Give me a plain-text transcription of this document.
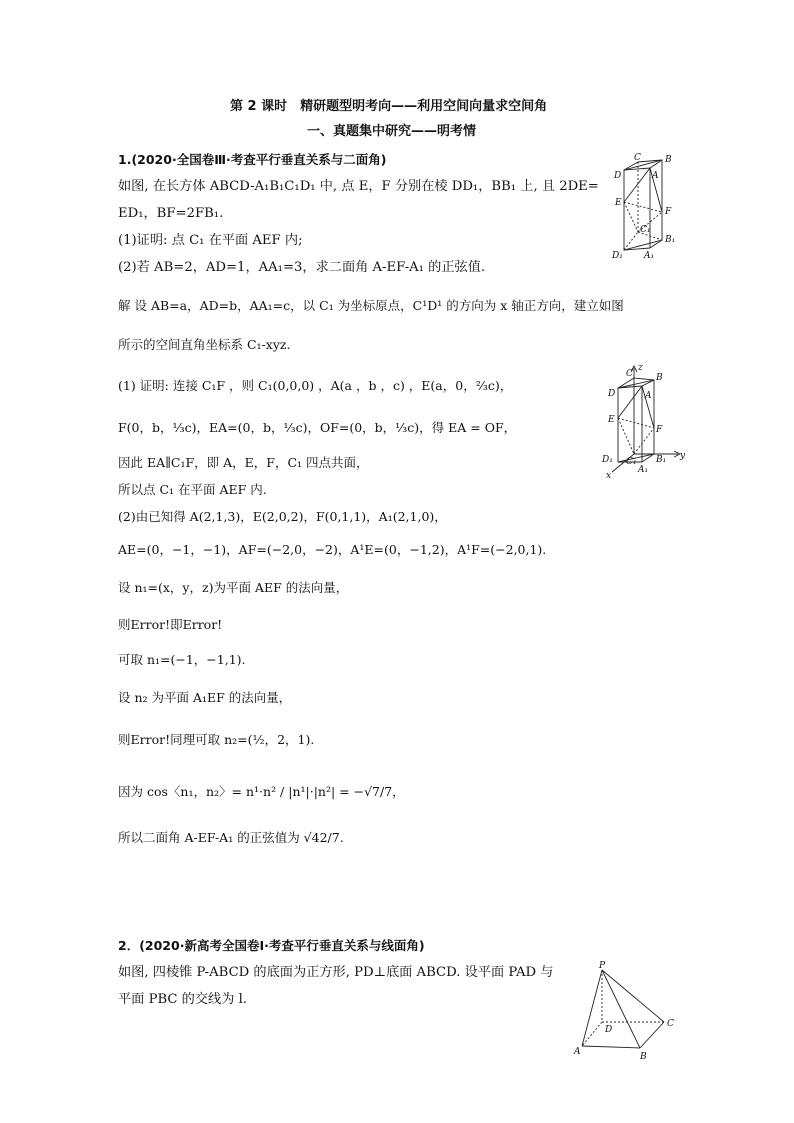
第 2 课时　精研题型明考向——利用空间向量求空间角
一、真题集中研究——明考情
1.(2020·全国卷Ⅲ·考查平行垂直关系与二面角)
如图, 在长方体 ABCD-A₁B₁C₁D₁ 中, 点 E，F 分别在棱 DD₁，BB₁ 上, 且 2DE=
ED₁，BF=2FB₁.
(1)证明: 点 C₁ 在平面 AEF 内;
(2)若 AB=2，AD=1，AA₁=3，求二面角 A-EF-A₁ 的正弦值.
解 设 AB=a，AD=b，AA₁=c，以 C₁ 为坐标原点，C¹D¹ 的方向为 x 轴正方向，建立如图
所示的空间直角坐标系 C₁-xyz.
(1) 证明: 连接 C₁F ，则 C₁(0,0,0) ，A(a ，b ，c) ，E(a，0，⅔c)，
F(0，b，⅓c)，EA=(0，b，⅓c)，OF=(0，b，⅓c)，得 EA = OF，
因此 EA∥C₁F，即 A，E，F，C₁ 四点共面，
所以点 C₁ 在平面 AEF 内.
(2)由已知得 A(2,1,3)，E(2,0,2)，F(0,1,1)，A₁(2,1,0)，
AE=(0，−1，−1)，AF=(−2,0，−2)，A¹E=(0，−1,2)，A¹F=(−2,0,1).
设 n₁=(x，y，z)为平面 AEF 的法向量，
则Error!即Error!
可取 n₁=(−1，−1,1).
设 n₂ 为平面 A₁EF 的法向量，
则Error!同理可取 n₂=(½，2，1).
因为 cos〈n₁，n₂〉= n¹·n² / |n¹|·|n²| = −√7/7，
所以二面角 A-EF-A₁ 的正弦值为 √42/7.
2．(2020·新高考全国卷Ⅰ·考查平行垂直关系与线面角)
如图, 四棱锥 P-ABCD 的底面为正方形, PD⊥底面 ABCD. 设平面 PAD 与
平面 PBC 的交线为 l.
C	B
D	A
E
F
C₁
B₁
D₁ A₁
z
C	B
D	A
E
F
D₁ C₁ B₁
A₁
y
x
P
D
C
A	B
